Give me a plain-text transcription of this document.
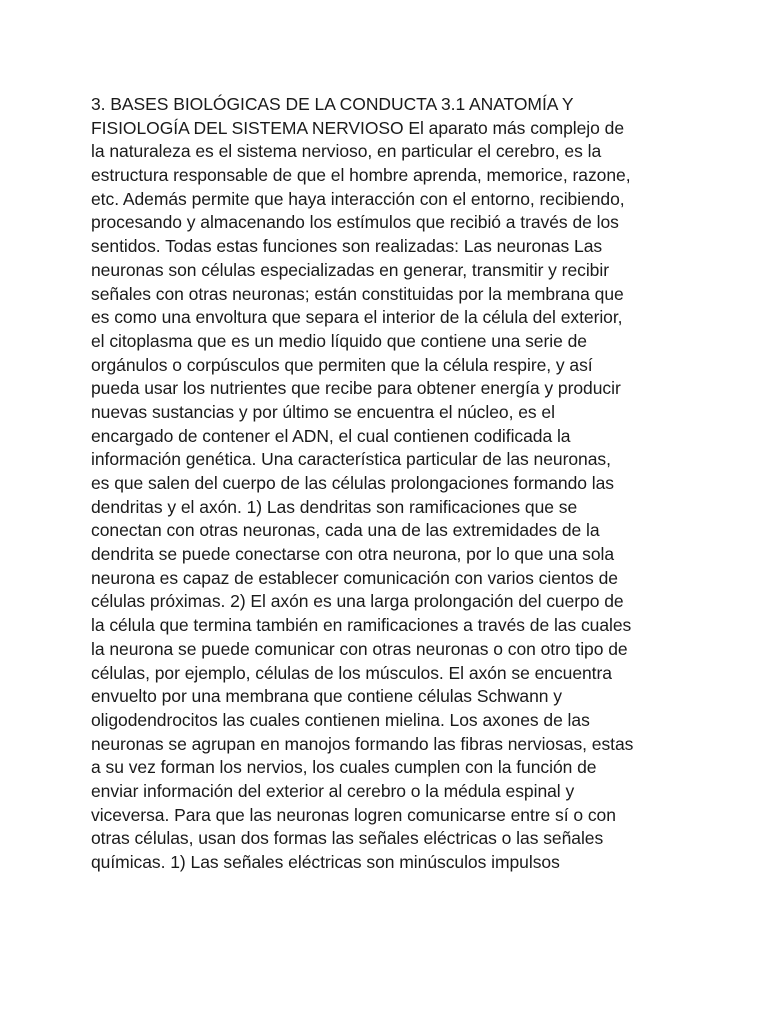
3. BASES BIOLÓGICAS DE LA CONDUCTA 3.1 ANATOMÍA Y
FISIOLOGÍA DEL SISTEMA NERVIOSO El aparato más complejo de
la naturaleza es el sistema nervioso, en particular el cerebro, es la
estructura responsable de que el hombre aprenda, memorice, razone,
etc. Además permite que haya interacción con el entorno, recibiendo,
procesando y almacenando los estímulos que recibió a través de los
sentidos. Todas estas funciones son realizadas: Las neuronas Las
neuronas son células especializadas en generar, transmitir y recibir
señales con otras neuronas; están constituidas por la membrana que
es como una envoltura que separa el interior de la célula del exterior,
el citoplasma que es un medio líquido que contiene una serie de
orgánulos o corpúsculos que permiten que la célula respire, y así
pueda usar los nutrientes que recibe para obtener energía y producir
nuevas sustancias y por último se encuentra el núcleo, es el
encargado de contener el ADN, el cual contienen codificada la
información genética. Una característica particular de las neuronas,
es que salen del cuerpo de las células prolongaciones formando las
dendritas y el axón. 1) Las dendritas son ramificaciones que se
conectan con otras neuronas, cada una de las extremidades de la
dendrita se puede conectarse con otra neurona, por lo que una sola
neurona es capaz de establecer comunicación con varios cientos de
células próximas. 2) El axón es una larga prolongación del cuerpo de
la célula que termina también en ramificaciones a través de las cuales
la neurona se puede comunicar con otras neuronas o con otro tipo de
células, por ejemplo, células de los músculos. El axón se encuentra
envuelto por una membrana que contiene células Schwann y
oligodendrocitos las cuales contienen mielina. Los axones de las
neuronas se agrupan en manojos formando las fibras nerviosas, estas
a su vez forman los nervios, los cuales cumplen con la función de
enviar información del exterior al cerebro o la médula espinal y
viceversa. Para que las neuronas logren comunicarse entre sí o con
otras células, usan dos formas las señales eléctricas o las señales
químicas. 1) Las señales eléctricas son minúsculos impulsos
